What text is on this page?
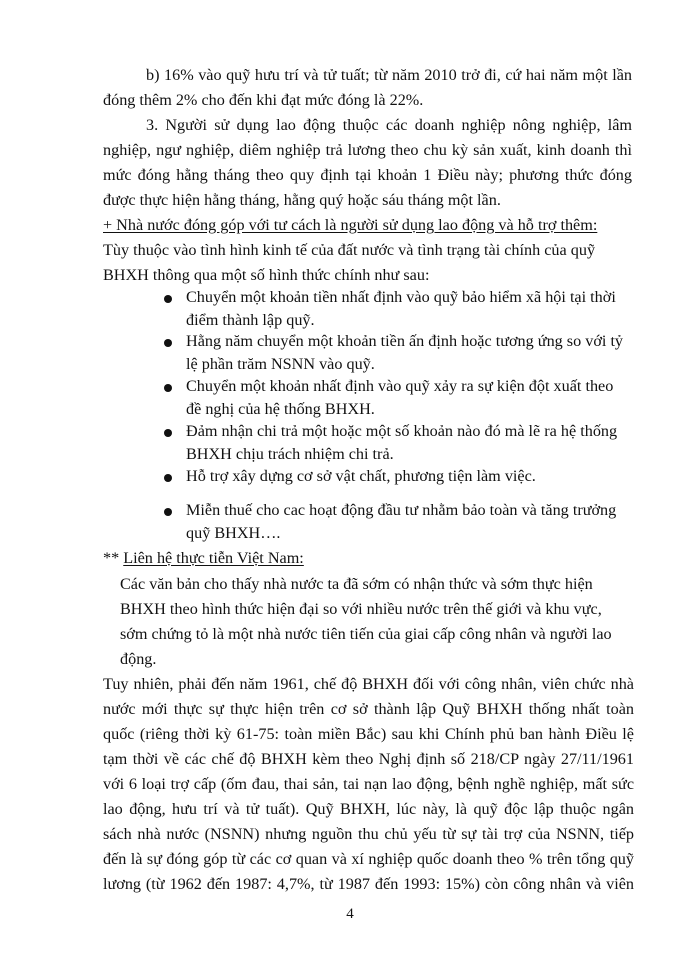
b) 16% vào quỹ hưu trí và tử tuất; từ năm 2010 trở đi, cứ hai năm một lần
đóng thêm 2% cho đến khi đạt mức đóng là 22%.
3. Người sử dụng lao động thuộc các doanh nghiệp nông nghiệp, lâm
nghiệp, ngư nghiệp, diêm nghiệp trả lương theo chu kỳ sản xuất, kinh doanh thì
mức đóng hằng tháng theo quy định tại khoản 1 Điều này; phương thức đóng
được thực hiện hằng tháng, hằng quý hoặc sáu tháng một lần.
+ Nhà nước đóng góp với tư cách là người sử dụng lao động và hỗ trợ thêm:
Tùy thuộc vào tình hình kinh tế của đất nước và tình trạng tài chính của quỹ
BHXH thông qua một số hình thức chính như sau:
Chuyển một khoản tiền nhất định vào quỹ bảo hiểm xã hội tại thời
điểm thành lập quỹ.
Hằng năm chuyển một khoản tiền ấn định hoặc tương ứng so với tỷ
lệ phần trăm NSNN vào quỹ.
Chuyển một khoản nhất định vào quỹ xảy ra sự kiện đột xuất theo
đề nghị của hệ thống BHXH.
Đảm nhận chi trả một hoặc một số khoản nào đó mà lẽ ra hệ thống
BHXH chịu trách nhiệm chi trả.
Hỗ trợ xây dựng cơ sở vật chất, phương tiện làm việc.
Miễn thuế cho cac hoạt động đầu tư nhằm bảo toàn và tăng trưởng
quỹ BHXH….
** Liên hệ thực tiễn Việt Nam:
Các văn bản cho thấy nhà nước ta đã sớm có nhận thức và sớm thực hiện
BHXH theo hình thức hiện đại so với nhiều nước trên thế giới và khu vực,
sớm chứng tỏ là một nhà nước tiên tiến của giai cấp công nhân và người lao
động.
Tuy nhiên, phải đến năm 1961, chế độ BHXH đối với công nhân, viên chức nhà
nước mới thực sự thực hiện trên cơ sở thành lập Quỹ BHXH thống nhất toàn
quốc (riêng thời kỳ 61-75: toàn miền Bắc) sau khi Chính phủ ban hành Điều lệ
tạm thời về các chế độ BHXH kèm theo Nghị định số 218/CP ngày 27/11/1961
với 6 loại trợ cấp (ốm đau, thai sản, tai nạn lao động, bệnh nghề nghiệp, mất sức
lao động, hưu trí và tử tuất). Quỹ BHXH, lúc này, là quỹ độc lập thuộc ngân
sách nhà nước (NSNN) nhưng nguồn thu chủ yếu từ sự tài trợ của NSNN, tiếp
đến là sự đóng góp từ các cơ quan và xí nghiệp quốc doanh theo % trên tổng quỹ
lương (từ 1962 đến 1987: 4,7%, từ 1987 đến 1993: 15%) còn công nhân và viên
4
